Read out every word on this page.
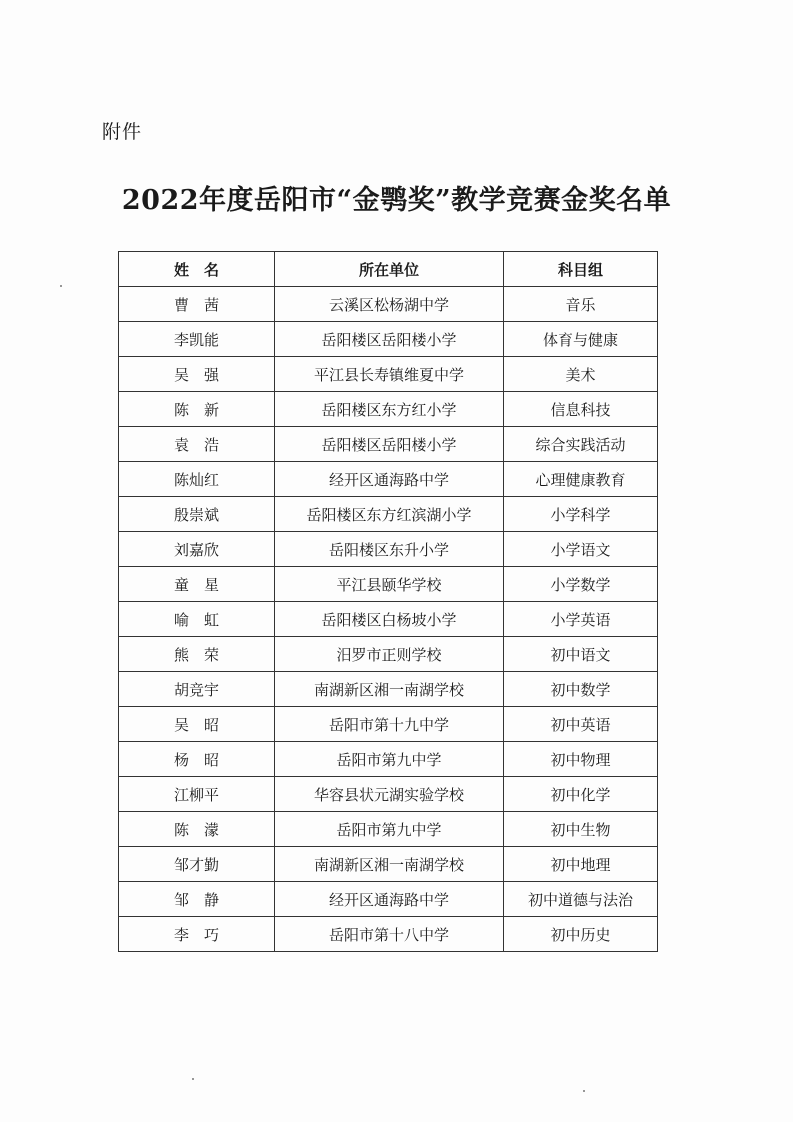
附件
2022年度岳阳市“金鹗奖”教学竞赛金奖名单
姓　名	所在单位	科目组
曹　茜	云溪区松杨湖中学	音乐
李凯能	岳阳楼区岳阳楼小学	体育与健康
吴　强	平江县长寿镇维夏中学	美术
陈　新	岳阳楼区东方红小学	信息科技
袁　浩	岳阳楼区岳阳楼小学	综合实践活动
陈灿红	经开区通海路中学	心理健康教育
殷崇斌	岳阳楼区东方红滨湖小学	小学科学
刘嘉欣	岳阳楼区东升小学	小学语文
童　星	平江县颐华学校	小学数学
喻　虹	岳阳楼区白杨坡小学	小学英语
熊　荣	汨罗市正则学校	初中语文
胡竞宇	南湖新区湘一南湖学校	初中数学
吴　昭	岳阳市第十九中学	初中英语
杨　昭	岳阳市第九中学	初中物理
江柳平	华容县状元湖实验学校	初中化学
陈　濛	岳阳市第九中学	初中生物
邹才勤	南湖新区湘一南湖学校	初中地理
邹　静	经开区通海路中学	初中道德与法治
李　巧	岳阳市第十八中学	初中历史
